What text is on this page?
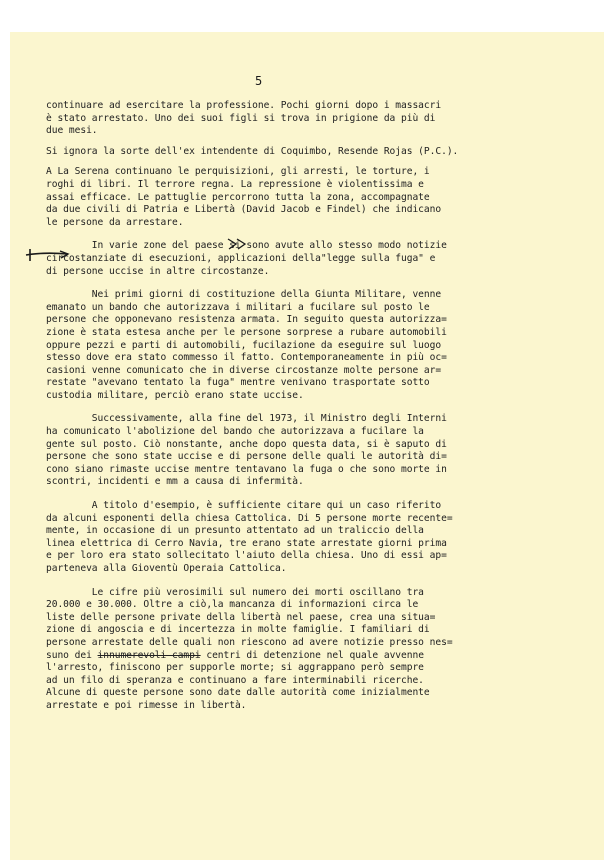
5
continuare ad esercitare la professione. Pochi giorni dopo i massacri
è stato arrestato. Uno dei suoi figli si trova in prigione da più di
due mesi.
Si ignora la sorte dell'ex intendente di Coquimbo, Resende Rojas (P.C.).
A La Serena continuano le perquisizioni, gli arresti, le torture, i
roghi di libri. Il terrore regna. La repressione è violentissima e
assai efficace. Le pattuglie percorrono tutta la zona, accompagnate
da due civili di Patria e Libertà (David Jacob e Findel) che indicano
le persone da arrestare.
In varie zone del paese si sono avute allo stesso modo notizie
circostanziate di esecuzioni, applicazioni della"legge sulla fuga" e
di persone uccise in altre circostanze.
Nei primi giorni di costituzione della Giunta Militare, venne
emanato un bando che autorizzava i militari a fucilare sul posto le
persone che opponevano resistenza armata. In seguito questa autorizza=
zione è stata estesa anche per le persone sorprese a rubare automobili
oppure pezzi e parti di automobili, fucilazione da eseguire sul luogo
stesso dove era stato commesso il fatto. Contemporaneamente in più oc=
casioni venne comunicato che in diverse circostanze molte persone ar=
restate "avevano tentato la fuga" mentre venivano trasportate sotto
custodia militare, perciò erano state uccise.
Successivamente, alla fine del 1973, il Ministro degli Interni
ha comunicato l'abolizione del bando che autorizzava a fucilare la
gente sul posto. Ciò nonstante, anche dopo questa data, si è saputo di
persone che sono state uccise e di persone delle quali le autorità di=
cono siano rimaste uccise mentre tentavano la fuga o che sono morte in
scontri, incidenti e mm a causa di infermità.
A titolo d'esempio, è sufficiente citare qui un caso riferito
da alcuni esponenti della chiesa Cattolica. Di 5 persone morte recente=
mente, in occasione di un presunto attentato ad un traliccio della
linea elettrica di Cerro Navia, tre erano state arrestate giorni prima
e per loro era stato sollecitato l'aiuto della chiesa. Uno di essi ap=
parteneva alla Gioventù Operaia Cattolica.
Le cifre più verosimili sul numero dei morti oscillano tra
20.000 e 30.000. Oltre a ciò,la mancanza di informazioni circa le
liste delle persone private della libertà nel paese, crea una situa=
zione di angoscia e di incertezza in molte famiglie. I familiari di
persone arrestate delle quali non riescono ad avere notizie presso nes=
suno dei innumerevoli campi centri di detenzione nel quale avvenne
l'arresto, finiscono per supporle morte; si aggrappano però sempre
ad un filo di speranza e continuano a fare interminabili ricerche.
Alcune di queste persone sono date dalle autorità come inizialmente
arrestate e poi rimesse in libertà.
